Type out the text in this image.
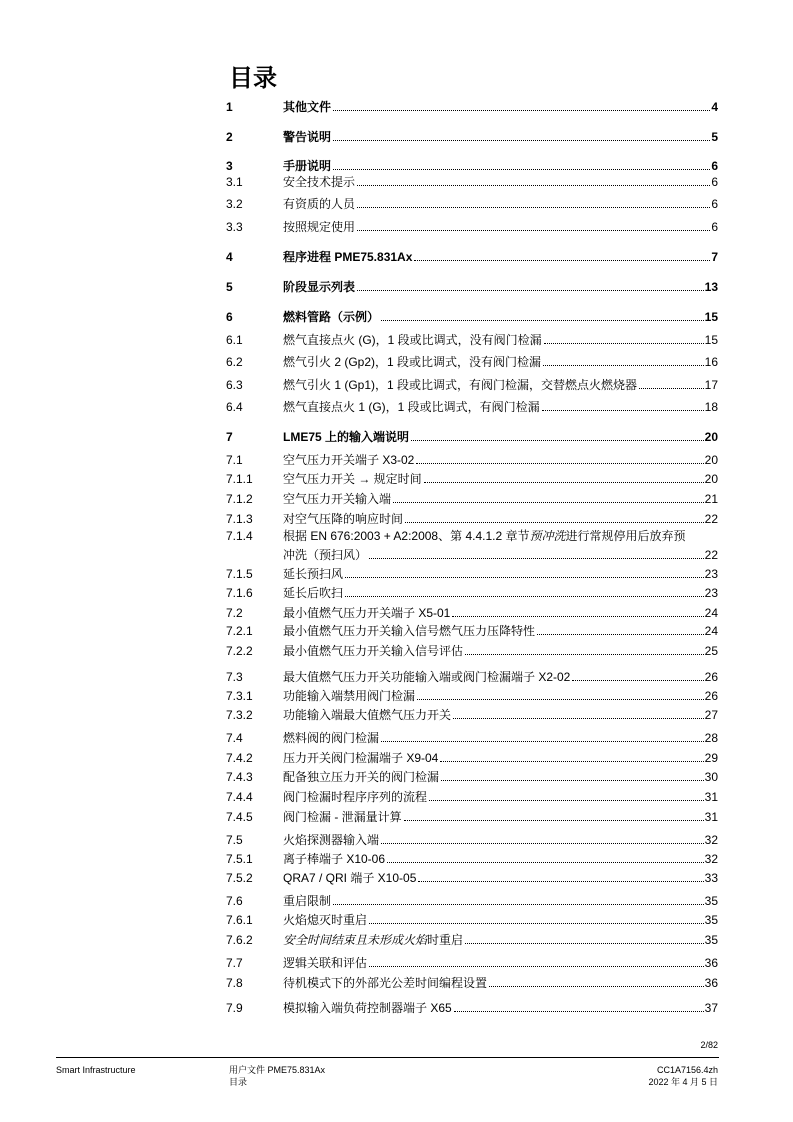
目录
1	其他文件	4
2	警告说明	5
3	手册说明	6
3.1	安全技术提示	6
3.2	有资质的人员	6
3.3	按照规定使用	6
4	程序进程 PME75.831Ax	7
5	阶段显示列表	13
6	燃料管路（示例）	15
6.1	燃气直接点火 (G)，1 段或比调式，没有阀门检漏	15
6.2	燃气引火 2 (Gp2)，1 段或比调式，没有阀门检漏	16
6.3	燃气引火 1 (Gp1)，1 段或比调式，有阀门检漏，交替燃点火燃烧器	17
6.4	燃气直接点火 1 (G)，1 段或比调式，有阀门检漏	18
7	LME75 上的输入端说明	20
7.1	空气压力开关端子 X3-02	20
7.1.1	空气压力开关 → 规定时间	20
7.1.2	空气压力开关输入端	21
7.1.3	对空气压降的响应时间	22
7.1.4	根据 EN 676:2003 + A2:2008、第 4.4.1.2 章节预冲洗进行常规停用后放弃预
冲洗（预扫风）	22
7.1.5	延长预扫风	23
7.1.6	延长后吹扫	23
7.2	最小值燃气压力开关端子 X5-01	24
7.2.1	最小值燃气压力开关输入信号燃气压力压降特性	24
7.2.2	最小值燃气压力开关输入信号评估	25
7.3	最大值燃气压力开关功能输入端或阀门检漏端子 X2-02	26
7.3.1	功能输入端禁用阀门检漏	26
7.3.2	功能输入端最大值燃气压力开关	27
7.4	燃料阀的阀门检漏	28
7.4.2	压力开关阀门检漏端子 X9-04	29
7.4.3	配备独立压力开关的阀门检漏	30
7.4.4	阀门检漏时程序序列的流程	31
7.4.5	阀门检漏 - 泄漏量计算	31
7.5	火焰探测器输入端	32
7.5.1	离子棒端子 X10-06	32
7.5.2	QRA7 / QRI 端子 X10-05	33
7.6	重启限制	35
7.6.1	火焰熄灭时重启	35
7.6.2	安全时间结束且未形成火焰时重启	35
7.7	逻辑关联和评估	36
7.8	待机模式下的外部光公差时间编程设置	36
7.9	模拟输入端负荷控制器端子 X65	37
2/82
Smart Infrastructure	用户文件 PME75.831Ax
目录
CC1A7156.4zh
2022 年 4 月 5 日
